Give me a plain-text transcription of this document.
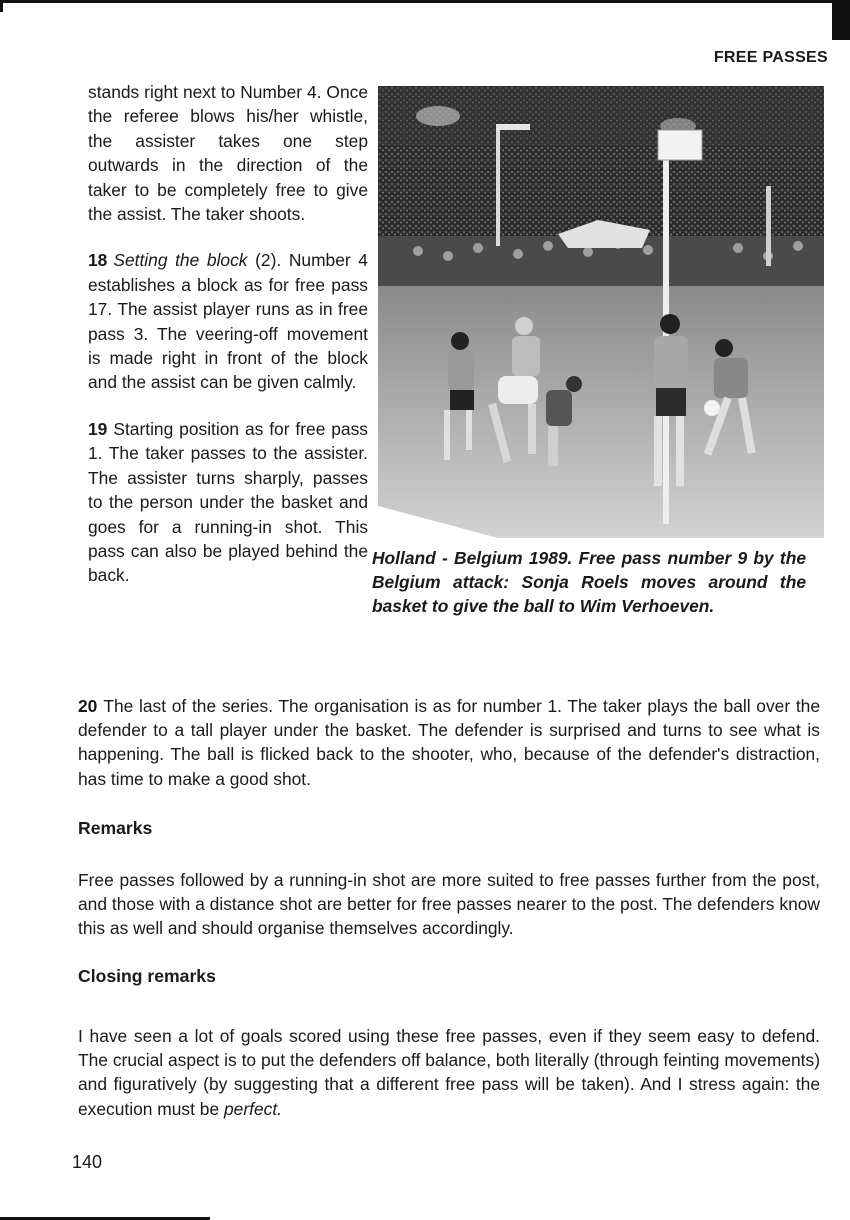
FREE PASSES

stands right next to Number 4. Once the referee blows his/her whistle, the assister takes one step outwards in the direction of the taker to be completely free to give the assist. The taker shoots.

18 Setting the block (2). Number 4 establishes a block as for free pass 17. The assist player runs as in free pass 3. The veering-off movement is made right in front of the block and the assist can be given calmly.

19 Starting position as for free pass 1. The taker passes to the assister. The assister turns sharply, passes to the person under the basket and goes for a running-in shot. This pass can also be played behind the back.

Holland - Belgium 1989. Free pass number 9 by the Belgium attack: Sonja Roels moves around the basket to give the ball to Wim Verhoeven.

20 The last of the series. The organisation is as for number 1. The taker plays the ball over the defender to a tall player under the basket. The defender is surprised and turns to see what is happening. The ball is flicked back to the shooter, who, because of the defender's distraction, has time to make a good shot.

Remarks

Free passes followed by a running-in shot are more suited to free passes further from the post, and those with a distance shot are better for free passes nearer to the post. The defenders know this as well and should organise themselves accordingly.

Closing remarks

I have seen a lot of goals scored using these free passes, even if they seem easy to defend. The crucial aspect is to put the defenders off balance, both literally (through feinting movements) and figuratively (by suggesting that a different free pass will be taken). And I stress again: the execution must be perfect.

140
